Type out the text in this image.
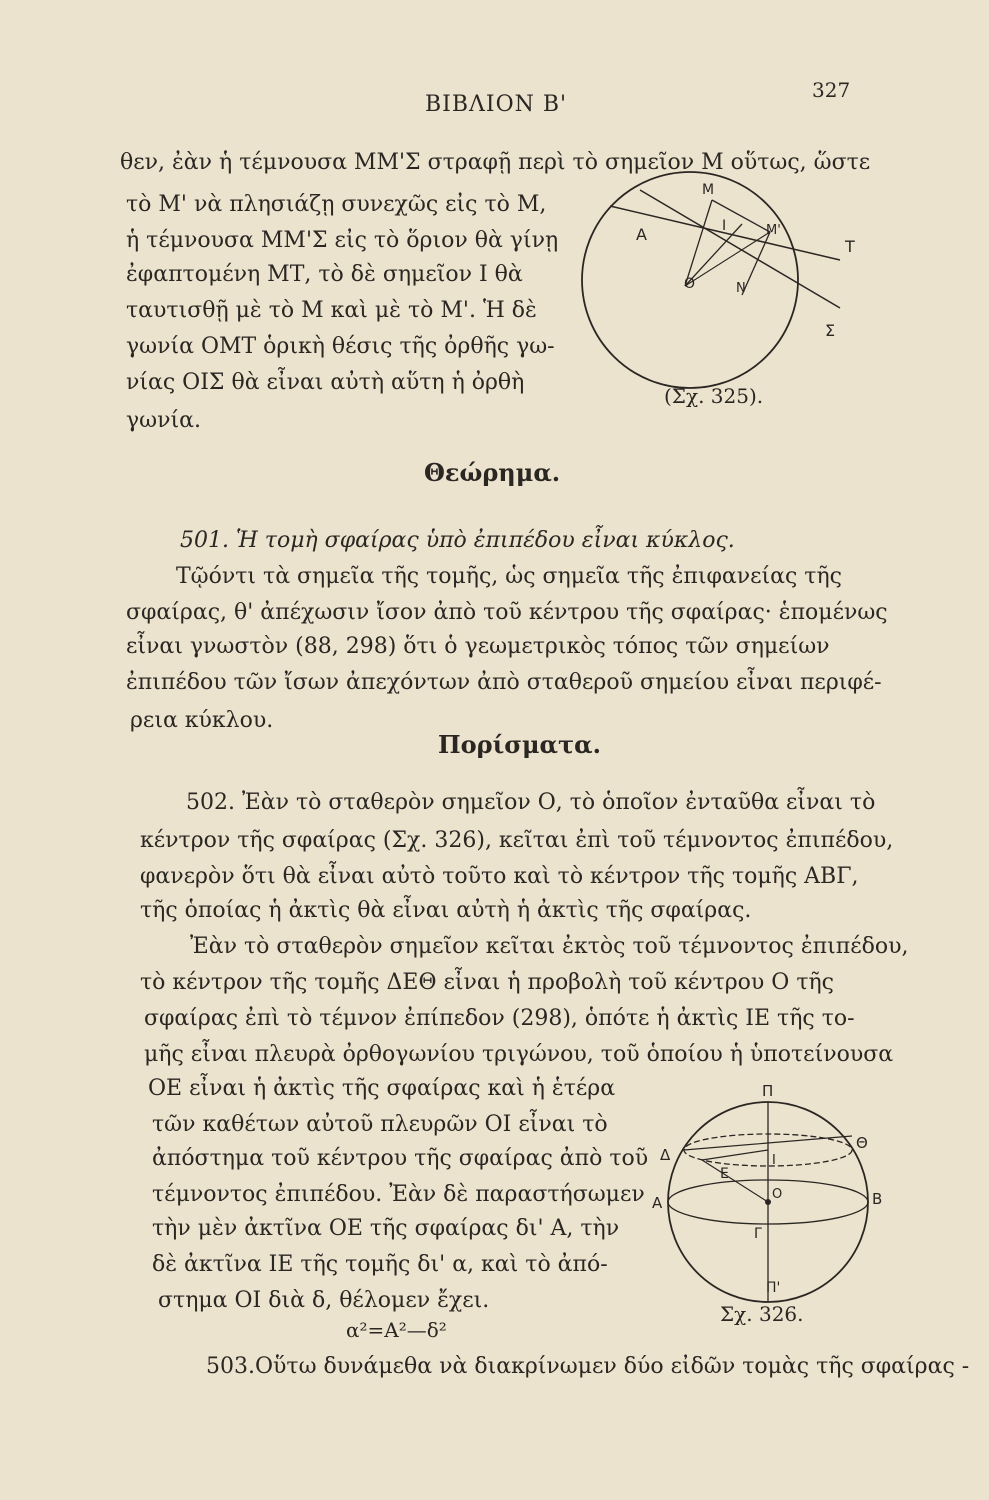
ΒΙΒΛΙΟΝ Β'
327
θεν, ἐὰν ἡ τέμνουσα ΜΜ'Σ στραφῇ περὶ τὸ σημεῖον Μ οὕτως, ὥστε
τὸ Μ' νὰ πλησιάζῃ συνεχῶς εἰς τὸ Μ,
ἡ τέμνουσα ΜΜ'Σ εἰς τὸ ὅριον θὰ γίνῃ
ἐφαπτομένη ΜΤ, τὸ δὲ σημεῖον Ι θὰ
ταυτισθῇ μὲ τὸ Μ καὶ μὲ τὸ Μ'. Ἡ δὲ
γωνία ΟΜΤ ὁρικὴ θέσις τῆς ὀρθῆς γω-
νίας ΟΙΣ θὰ εἶναι αὐτὴ αὕτη ἡ ὀρθὴ
γωνία.
M
A	I	M'
O	N
T
Σ
(Σχ. 325).
Θεώρημα.
501. Ἡ τομὴ σφαίρας ὑπὸ ἐπιπέδου εἶναι κύκλος.
Τῷόντι τὰ σημεῖα τῆς τομῆς, ὡς σημεῖα τῆς ἐπιφανείας τῆς
σφαίρας, θ' ἀπέχωσιν ἴσον ἀπὸ τοῦ κέντρου τῆς σφαίρας· ἑπομένως
εἶναι γνωστὸν (88, 298) ὅτι ὁ γεωμετρικὸς τόπος τῶν σημείων
ἐπιπέδου τῶν ἴσων ἀπεχόντων ἀπὸ σταθεροῦ σημείου εἶναι περιφέ-
ρεια κύκλου.
Πορίσματα.
502. Ἐὰν τὸ σταθερὸν σημεῖον Ο, τὸ ὁποῖον ἐνταῦθα εἶναι τὸ
κέντρον τῆς σφαίρας (Σχ. 326), κεῖται ἐπὶ τοῦ τέμνοντος ἐπιπέδου,
φανερὸν ὅτι θὰ εἶναι αὐτὸ τοῦτο καὶ τὸ κέντρον τῆς τομῆς ΑΒΓ,
τῆς ὁποίας ἡ ἀκτὶς θὰ εἶναι αὐτὴ ἡ ἀκτὶς τῆς σφαίρας.
Ἐὰν τὸ σταθερὸν σημεῖον κεῖται ἐκτὸς τοῦ τέμνοντος ἐπιπέδου,
τὸ κέντρον τῆς τομῆς ΔΕΘ εἶναι ἡ προβολὴ τοῦ κέντρου Ο τῆς
σφαίρας ἐπὶ τὸ τέμνον ἐπίπεδον (298), ὁπότε ἡ ἀκτὶς ΙΕ τῆς το-
μῆς εἶναι πλευρὰ ὀρθογωνίου τριγώνου, τοῦ ὁποίου ἡ ὑποτείνουσα
ΟΕ εἶναι ἡ ἀκτὶς τῆς σφαίρας καὶ ἡ ἑτέρα
τῶν καθέτων αὐτοῦ πλευρῶν ΟΙ εἶναι τὸ
ἀπόστημα τοῦ κέντρου τῆς σφαίρας ἀπὸ τοῦ
τέμνοντος ἐπιπέδου. Ἐὰν δὲ παραστήσωμεν
τὴν μὲν ἀκτῖνα ΟΕ τῆς σφαίρας δι' Α, τὴν
δὲ ἀκτῖνα ΙΕ τῆς τομῆς δι' α, καὶ τὸ ἀπό-
στημα ΟΙ διὰ δ, θέλομεν ἔχει.
α²=Α²—δ²
Π
Π'
Δ
Θ
E
I
A	B
O
Γ
Σχ. 326.
503.Οὕτω δυνάμεθα νὰ διακρίνωμεν δύο εἰδῶν τομὰς τῆς σφαίρας -
